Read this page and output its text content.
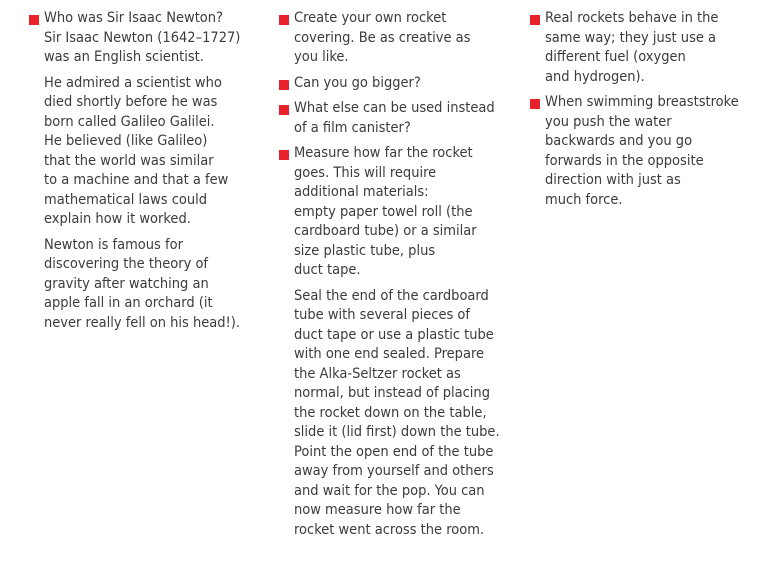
Who was Sir Isaac Newton?
Sir Isaac Newton (1642–1727)
was an English scientist.
He admired a scientist who
died shortly before he was
born called Galileo Galilei.
He believed (like Galileo)
that the world was similar
to a machine and that a few
mathematical laws could
explain how it worked.
Newton is famous for
discovering the theory of
gravity after watching an
apple fall in an orchard (it
never really fell on his head!).
Create your own rocket
covering. Be as creative as
you like.
Can you go bigger?
What else can be used instead
of a film canister?
Measure how far the rocket
goes. This will require
additional materials:
empty paper towel roll (the
cardboard tube) or a similar
size plastic tube, plus
duct tape.
Seal the end of the cardboard
tube with several pieces of
duct tape or use a plastic tube
with one end sealed. Prepare
the Alka-Seltzer rocket as
normal, but instead of placing
the rocket down on the table,
slide it (lid first) down the tube.
Point the open end of the tube
away from yourself and others
and wait for the pop. You can
now measure how far the
rocket went across the room.
Real rockets behave in the
same way; they just use a
different fuel (oxygen
and hydrogen).
When swimming breaststroke
you push the water
backwards and you go
forwards in the opposite
direction with just as
much force.
